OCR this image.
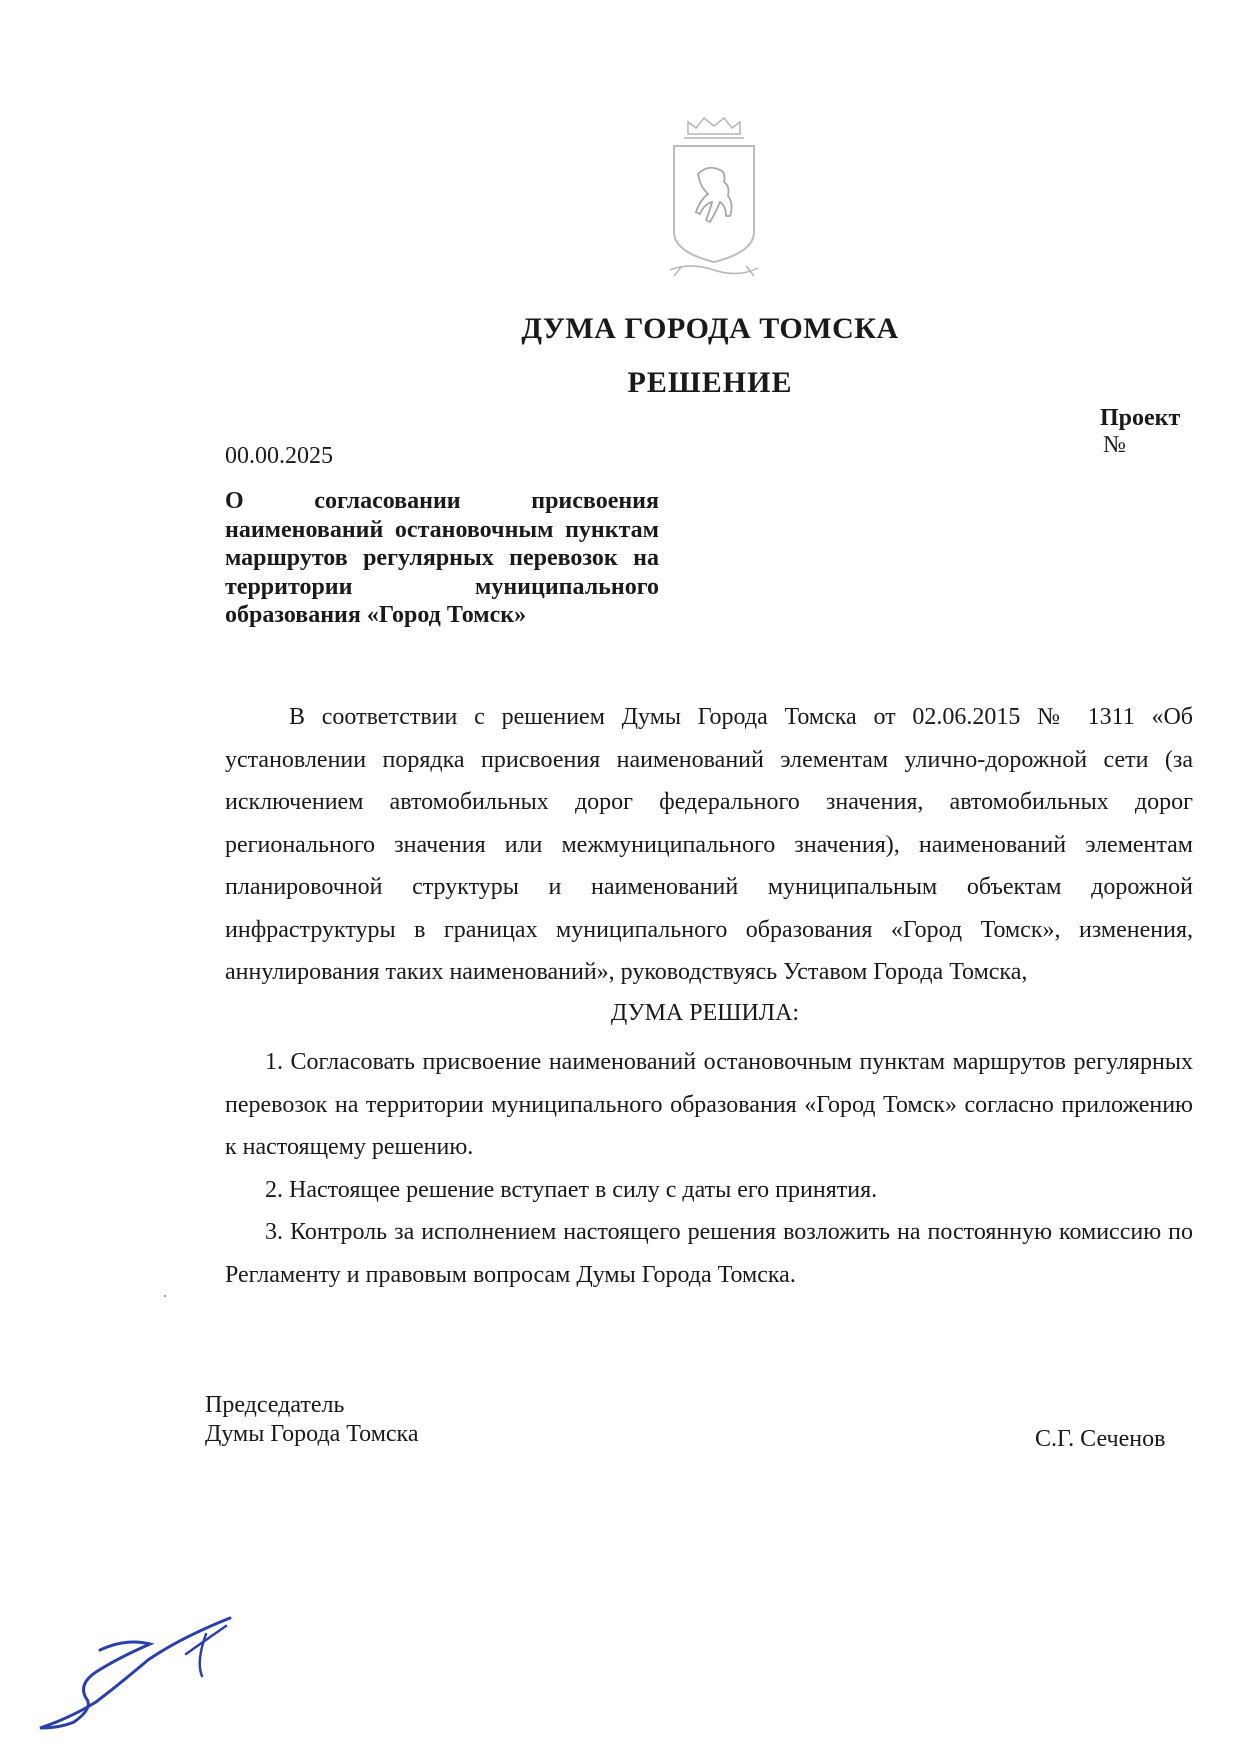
ДУМА ГОРОДА ТОМСКА
РЕШЕНИЕ
Проект
№
00.00.2025
О согласовании присвоения наименований остановочным пунктам маршрутов регулярных перевозок на территории муниципального образования «Город Томск»

В соответствии с решением Думы Города Томска от 02.06.2015 № 1311 «Об установлении порядка присвоения наименований элементам улично-дорожной сети (за исключением автомобильных дорог федерального значения, автомобильных дорог регионального значения или межмуниципального значения), наименований элементам планировочной структуры и наименований муниципальным объектам дорожной инфраструктуры в границах муниципального образования «Город Томск», изменения, аннулирования таких наименований», руководствуясь Уставом Города Томска,

ДУМА РЕШИЛА:

1. Согласовать присвоение наименований остановочным пунктам маршрутов регулярных перевозок на территории муниципального образования «Город Томск» согласно приложению к настоящему решению.

2. Настоящее решение вступает в силу с даты его принятия.

3. Контроль за исполнением настоящего решения возложить на постоянную комиссию по Регламенту и правовым вопросам Думы Города Томска.

Председатель
Думы Города Томска	С.Г. Сеченов
